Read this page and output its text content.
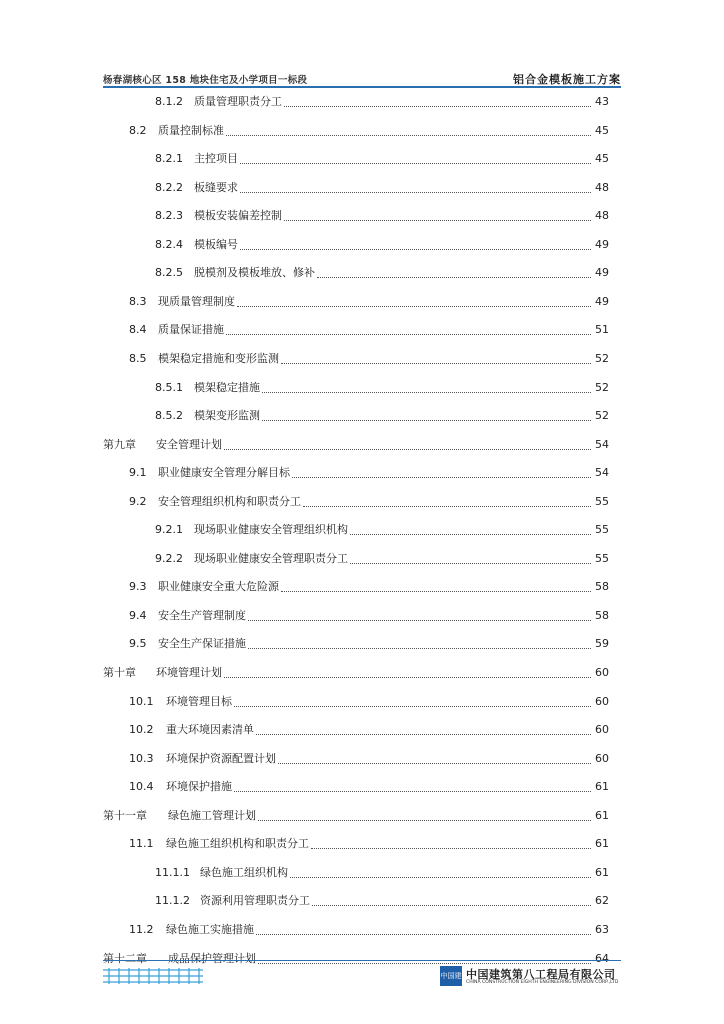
杨春湖核心区 158 地块住宅及小学项目一标段	铝合金模板施工方案
8.1.2 质量管理职责分工	43
8.2 质量控制标准	45
8.2.1 主控项目	45
8.2.2 板缝要求	48
8.2.3 模板安装偏差控制	48
8.2.4 模板编号	49
8.2.5 脱模剂及模板堆放、修补	49
8.3 现质量管理制度	49
8.4 质量保证措施	51
8.5 模架稳定措施和变形监测	52
8.5.1 模架稳定措施	52
8.5.2 模架变形监测	52
第九章 安全管理计划	54
9.1 职业健康安全管理分解目标	54
9.2 安全管理组织机构和职责分工	55
9.2.1 现场职业健康安全管理组织机构	55
9.2.2 现场职业健康安全管理职责分工	55
9.3 职业健康安全重大危险源	58
9.4 安全生产管理制度	58
9.5 安全生产保证措施	59
第十章 环境管理计划	60
10.1 环境管理目标	60
10.2 重大环境因素清单	60
10.3 环境保护资源配置计划	60
10.4 环境保护措施	61
第十一章 绿色施工管理计划	61
11.1 绿色施工组织机构和职责分工	61
11.1.1 绿色施工组织机构	61
11.1.2 资源利用管理职责分工	62
11.2 绿色施工实施措施	63
第十二章 成品保护管理计划	64
中国建筑
中国建筑第八工程局有限公司
CHINA CONSTRUCTION EIGHTH ENGINEERING DIVISION CORP.,LTD
